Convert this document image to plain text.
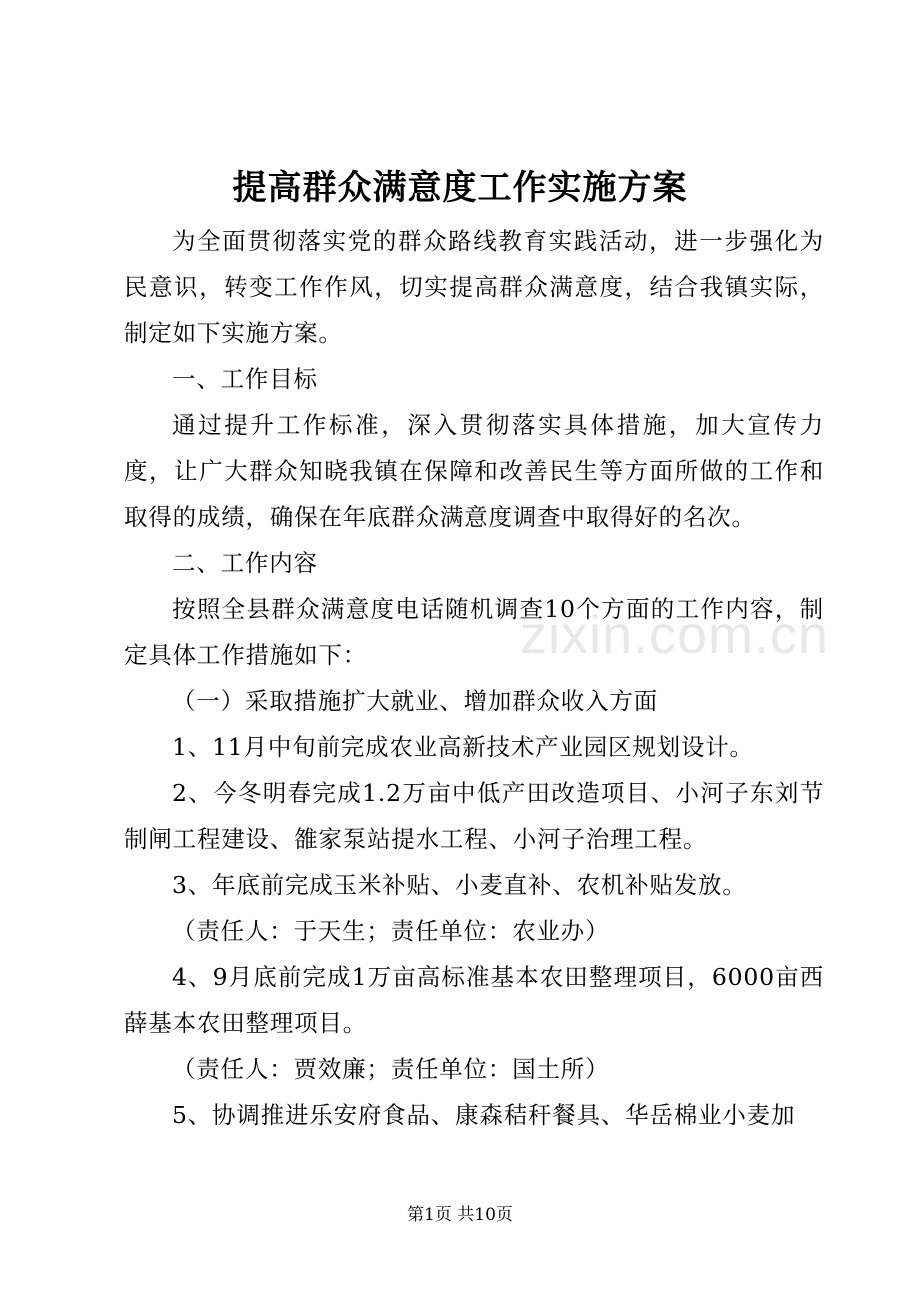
提高群众满意度工作实施方案

为全面贯彻落实党的群众路线教育实践活动，进一步强化为民意识，转变工作作风，切实提高群众满意度，结合我镇实际，制定如下实施方案。

一、工作目标

通过提升工作标准，深入贯彻落实具体措施，加大宣传力度，让广大群众知晓我镇在保障和改善民生等方面所做的工作和取得的成绩，确保在年底群众满意度调查中取得好的名次。

二、工作内容

按照全县群众满意度电话随机调查10个方面的工作内容，制定具体工作措施如下：

（一）采取措施扩大就业、增加群众收入方面

1、11月中旬前完成农业高新技术产业园区规划设计。

2、今冬明春完成1.2万亩中低产田改造项目、小河子东刘节制闸工程建设、雒家泵站提水工程、小河子治理工程。

3、年底前完成玉米补贴、小麦直补、农机补贴发放。

（责任人：于天生；责任单位：农业办）

4、9月底前完成1万亩高标准基本农田整理项目，6000亩西薛基本农田整理项目。

（责任人：贾效廉；责任单位：国土所）

5、协调推进乐安府食品、康森秸秆餐具、华岳棉业小麦加

zixin.com.cn
第1页 共10页
